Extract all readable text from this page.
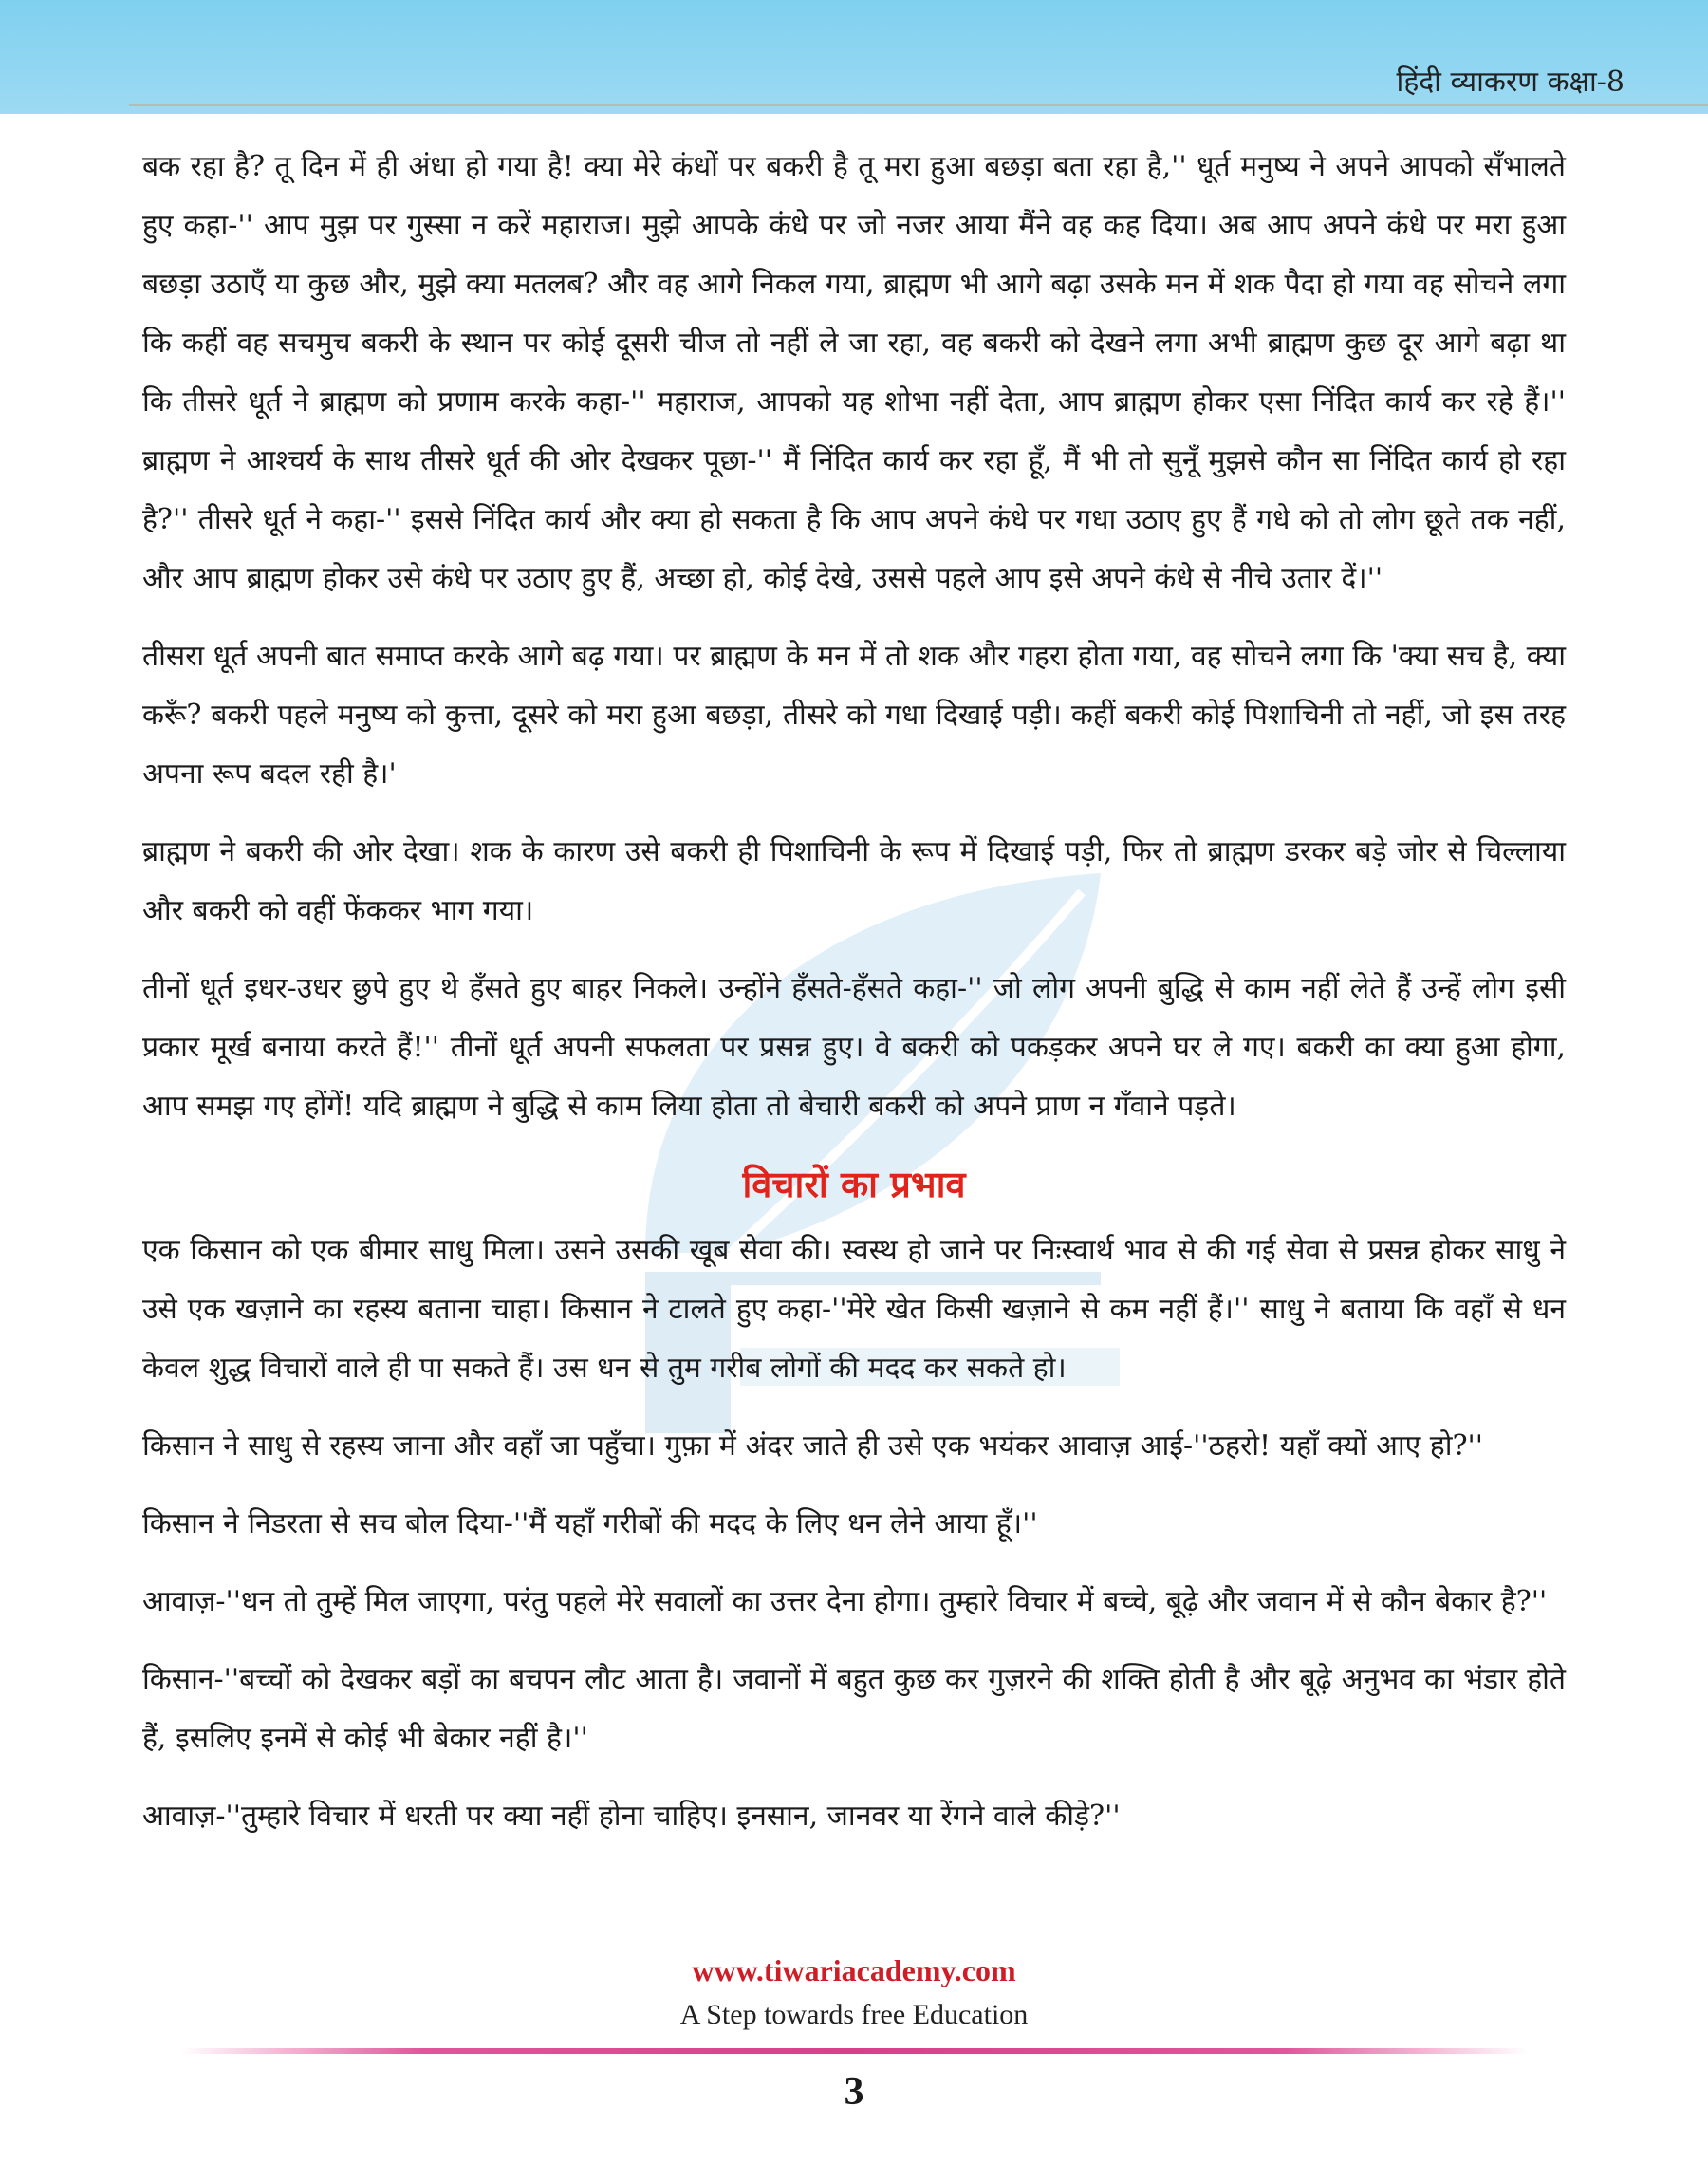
हिंदी व्याकरण कक्षा-8

बक रहा है? तू दिन में ही अंधा हो गया है! क्या मेरे कंधों पर बकरी है तू मरा हुआ बछड़ा बता रहा है,'' धूर्त मनुष्य ने अपने आपको सँभालते हुए कहा-'' आप मुझ पर गुस्सा न करें महाराज। मुझे आपके कंधे पर जो नजर आया मैंने वह कह दिया। अब आप अपने कंधे पर मरा हुआ बछड़ा उठाएँ या कुछ और, मुझे क्या मतलब? और वह आगे निकल गया, ब्राह्मण भी आगे बढ़ा उसके मन में शक पैदा हो गया वह सोचने लगा कि कहीं वह सचमुच बकरी के स्थान पर कोई दूसरी चीज तो नहीं ले जा रहा, वह बकरी को देखने लगा अभी ब्राह्मण कुछ दूर आगे बढ़ा था कि तीसरे धूर्त ने ब्राह्मण को प्रणाम करके कहा-'' महाराज, आपको यह शोभा नहीं देता, आप ब्राह्मण होकर एसा निंदित कार्य कर रहे हैं।'' ब्राह्मण ने आश्चर्य के साथ तीसरे धूर्त की ओर देखकर पूछा-'' मैं निंदित कार्य कर रहा हूँ, मैं भी तो सुनूँ मुझसे कौन सा निंदित कार्य हो रहा है?'' तीसरे धूर्त ने कहा-'' इससे निंदित कार्य और क्या हो सकता है कि आप अपने कंधे पर गधा उठाए हुए हैं गधे को तो लोग छूते तक नहीं, और आप ब्राह्मण होकर उसे कंधे पर उठाए हुए हैं, अच्छा हो, कोई देखे, उससे पहले आप इसे अपने कंधे से नीचे उतार दें।''

तीसरा धूर्त अपनी बात समाप्त करके आगे बढ़ गया। पर ब्राह्मण के मन में तो शक और गहरा होता गया, वह सोचने लगा कि 'क्या सच है, क्या करूँ? बकरी पहले मनुष्य को कुत्ता, दूसरे को मरा हुआ बछड़ा, तीसरे को गधा दिखाई पड़ी। कहीं बकरी कोई पिशाचिनी तो नहीं, जो इस तरह अपना रूप बदल रही है।'

ब्राह्मण ने बकरी की ओर देखा। शक के कारण उसे बकरी ही पिशाचिनी के रूप में दिखाई पड़ी, फिर तो ब्राह्मण डरकर बड़े जोर से चिल्लाया और बकरी को वहीं फेंककर भाग गया।

तीनों धूर्त इधर-उधर छुपे हुए थे हँसते हुए बाहर निकले। उन्होंने हँसते-हँसते कहा-'' जो लोग अपनी बुद्धि से काम नहीं लेते हैं उन्हें लोग इसी प्रकार मूर्ख बनाया करते हैं!'' तीनों धूर्त अपनी सफलता पर प्रसन्न हुए। वे बकरी को पकड़कर अपने घर ले गए। बकरी का क्या हुआ होगा, आप समझ गए होंगें! यदि ब्राह्मण ने बुद्धि से काम लिया होता तो बेचारी बकरी को अपने प्राण न गँवाने पड़ते।

विचारों का प्रभाव

एक किसान को एक बीमार साधु मिला। उसने उसकी खूब सेवा की। स्वस्थ हो जाने पर निःस्वार्थ भाव से की गई सेवा से प्रसन्न होकर साधु ने उसे एक खज़ाने का रहस्य बताना चाहा। किसान ने टालते हुए कहा-''मेरे खेत किसी खज़ाने से कम नहीं हैं।'' साधु ने बताया कि वहाँ से धन केवल शुद्ध विचारों वाले ही पा सकते हैं। उस धन से तुम गरीब लोगों की मदद कर सकते हो।

किसान ने साधु से रहस्य जाना और वहाँ जा पहुँचा। गुफ़ा में अंदर जाते ही उसे एक भयंकर आवाज़ आई-''ठहरो! यहाँ क्यों आए हो?''

किसान ने निडरता से सच बोल दिया-''मैं यहाँ गरीबों की मदद के लिए धन लेने आया हूँ।''

आवाज़-''धन तो तुम्हें मिल जाएगा, परंतु पहले मेरे सवालों का उत्तर देना होगा। तुम्हारे विचार में बच्चे, बूढ़े और जवान में से कौन बेकार है?''

किसान-''बच्चों को देखकर बड़ों का बचपन लौट आता है। जवानों में बहुत कुछ कर गुज़रने की शक्ति होती है और बूढ़े अनुभव का भंडार होते हैं, इसलिए इनमें से कोई भी बेकार नहीं है।''

आवाज़-''तुम्हारे विचार में धरती पर क्या नहीं होना चाहिए। इनसान, जानवर या रेंगने वाले कीड़े?''

www.tiwariacademy.com
A Step towards free Education
3
